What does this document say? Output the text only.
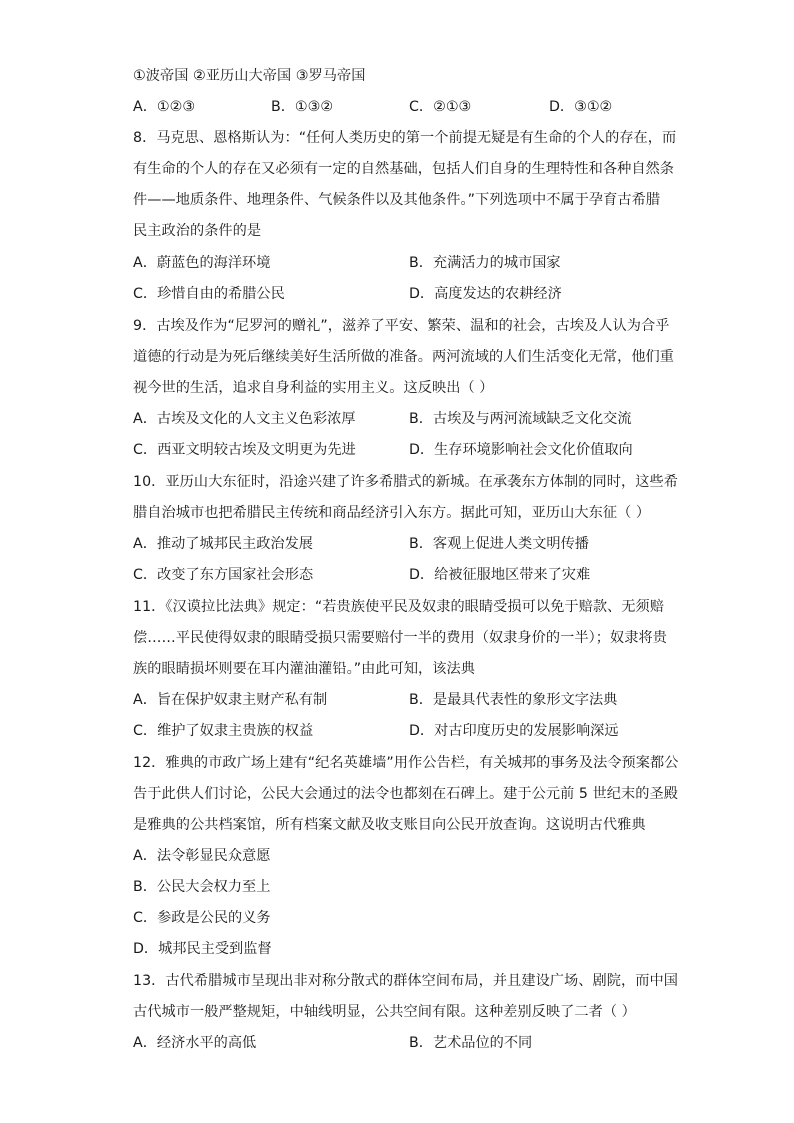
①波帝国 ②亚历山大帝国 ③罗马帝国
A．①②③	B．①③②	C．②①③	D．③①②
8．马克思、恩格斯认为：“任何人类历史的第一个前提无疑是有生命的个人的存在，而
有生命的个人的存在又必须有一定的自然基础，包括人们自身的生理特性和各种自然条
件——地质条件、地理条件、气候条件以及其他条件。”下列选项中不属于孕育古希腊
民主政治的条件的是
A．蔚蓝色的海洋环境	B．充满活力的城市国家
C．珍惜自由的希腊公民	D．高度发达的农耕经济
9．古埃及作为“尼罗河的赠礼”，滋养了平安、繁荣、温和的社会，古埃及人认为合乎
道德的行动是为死后继续美好生活所做的准备。两河流域的人们生活变化无常，他们重
视今世的生活，追求自身利益的实用主义。这反映出（ ）
A．古埃及文化的人文主义色彩浓厚	B．古埃及与两河流域缺乏文化交流
C．西亚文明较古埃及文明更为先进	D．生存环境影响社会文化价值取向
10．亚历山大东征时，沿途兴建了许多希腊式的新城。在承袭东方体制的同时，这些希
腊自治城市也把希腊民主传统和商品经济引入东方。据此可知，亚历山大东征（ ）
A．推动了城邦民主政治发展	B．客观上促进人类文明传播
C．改变了东方国家社会形态	D．给被征服地区带来了灾难
11．《汉谟拉比法典》规定：“若贵族使平民及奴隶的眼睛受损可以免于赔款、无须赔
偿……平民使得奴隶的眼睛受损只需要赔付一半的费用（奴隶身价的一半）；奴隶将贵
族的眼睛损坏则要在耳内灌油灌铅。”由此可知，该法典
A．旨在保护奴隶主财产私有制	B．是最具代表性的象形文字法典
C．维护了奴隶主贵族的权益	D．对古印度历史的发展影响深远
12．雅典的市政广场上建有“纪名英雄墙”用作公告栏，有关城邦的事务及法令预案都公
告于此供人们讨论，公民大会通过的法令也都刻在石碑上。建于公元前 5 世纪末的圣殿
是雅典的公共档案馆，所有档案文献及收支账目向公民开放查询。这说明古代雅典
A．法令彰显民众意愿
B．公民大会权力至上
C．参政是公民的义务
D．城邦民主受到监督
13．古代希腊城市呈现出非对称分散式的群体空间布局，并且建设广场、剧院，而中国
古代城市一般严整规矩，中轴线明显，公共空间有限。这种差别反映了二者（ ）
A．经济水平的高低	B．艺术品位的不同
